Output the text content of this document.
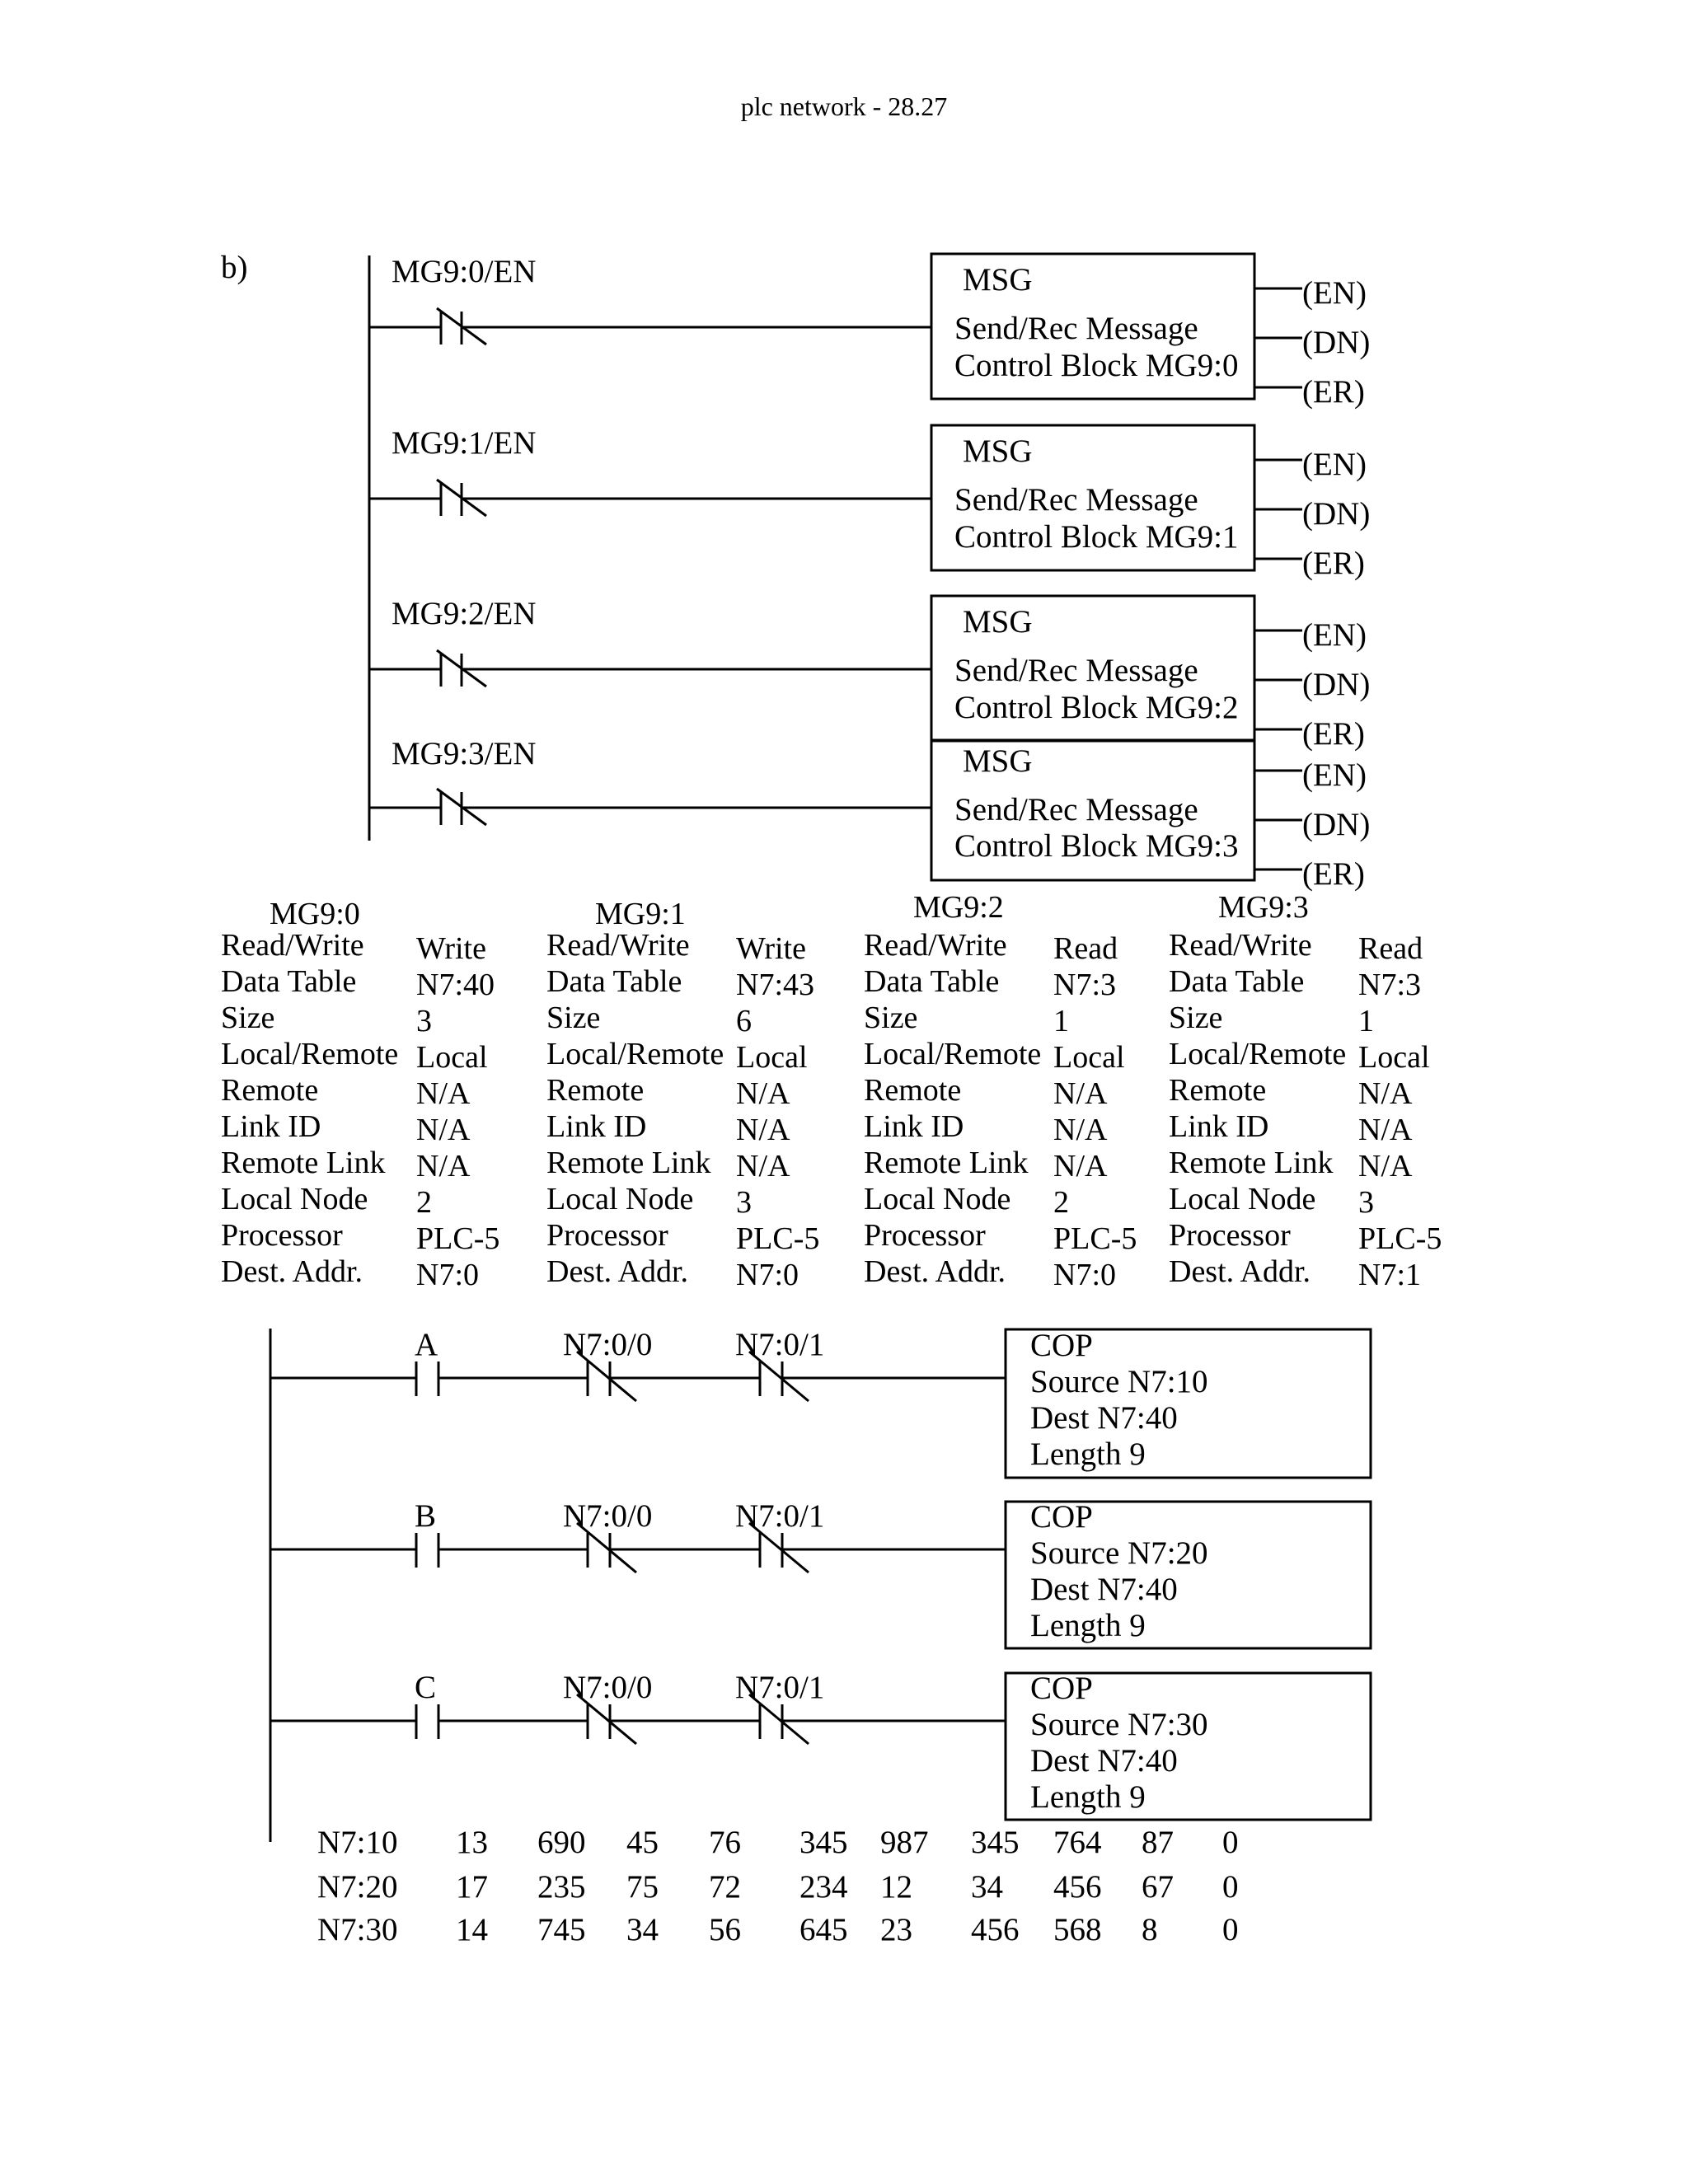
plc network - 28.27
b)	MG9:0/EN	MSG
Send/Rec Message
Control Block MG9:0
(EN)
(DN)
(ER)
MG9:1/EN	MSG
Send/Rec Message
Control Block MG9:1
(EN)
(DN)
(ER)
MG9:2/EN	MSG
Send/Rec Message
Control Block MG9:2
(EN)
(DN)
(ER)
MG9:3/EN	MSG
Send/Rec Message
Control Block MG9:3
(EN)
(DN)
(ER)
MG9:0
Read/Write Write
Data Table N7:40
Size	3
Local/Remote Local
Remote	N/A
Link ID	N/A
Remote Link N/A
Local Node 2
Processor PLC-5
Dest. Addr. N7:0
MG9:1
Read/Write Write
Data Table N7:43
Size	6
Local/Remote Local
Remote	N/A
Link ID	N/A
Remote Link N/A
Local Node 3
Processor PLC-5
Dest. Addr. N7:0
MG9:2
Read/Write Read
Data Table N7:3
Size	1
Local/Remote Local
Remote	N/A
Link ID	N/A
Remote Link N/A
Local Node 2
Processor PLC-5
Dest. Addr. N7:0
MG9:3
Read/Write Read
Data Table N7:3
Size	1
Local/Remote Local
Remote	N/A
Link ID	N/A
Remote Link N/A
Local Node 3
Processor PLC-5
Dest. Addr. N7:1
A	N7:0/0	N7:0/1	COP
Source N7:10
Dest N7:40
Length 9
B	N7:0/0	N7:0/1	COP
Source N7:20
Dest N7:40
Length 9
C	N7:0/0	N7:0/1	COP
Source N7:30
Dest N7:40
Length 9
N7:10 13 690 45 76 345 987 345 764 87 0
N7:20 17 235 75 72 234 12 34 456 67 0
N7:30 14 745 34 56 645 23 456 568 8 0
